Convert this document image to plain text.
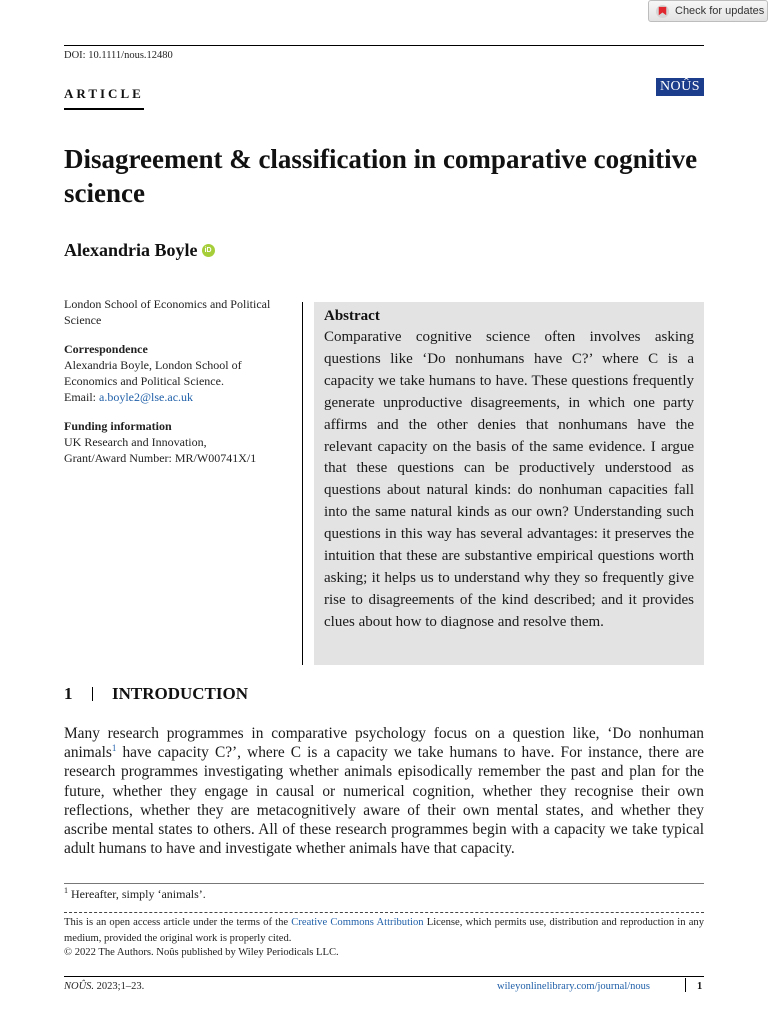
Check for updates
DOI: 10.1111/nous.12480
ARTICLE	NOÛS
Disagreement & classification in comparative cognitive science
Alexandria Boyle	iD
London School of Economics and Political Science
Correspondence
Alexandria Boyle, London School of Economics and Political Science.
Email: a.boyle2@lse.ac.uk
Funding information
UK Research and Innovation,
Grant/Award Number: MR/W00741X/1
Abstract

Comparative cognitive science often involves asking questions like ‘Do nonhumans have C?’ where C is a capacity we take humans to have. These questions frequently generate unproductive disagreements, in which one party affirms and the other denies that nonhumans have the relevant capacity on the basis of the same evidence. I argue that these questions can be productively understood as questions about natural kinds: do nonhuman capacities fall into the same natural kinds as our own? Understanding such questions in this way has several advantages: it preserves the intuition that these are substantive empirical questions worth asking; it helps us to understand why they so frequently give rise to disagreements of the kind described; and it provides clues about how to diagnose and resolve them.

1	INTRODUCTION

Many research programmes in comparative psychology focus on a question like, ‘Do nonhuman animals$^1$ have capacity C?’, where C is a capacity we take humans to have. For instance, there are research programmes investigating whether animals episodically remember the past and plan for the future, whether they engage in causal or numerical cognition, whether they recognise their own reflections, whether they are metacognitively aware of their own mental states, and whether they ascribe mental states to others. All of these research programmes begin with a capacity we take typical adult humans to have and investigate whether animals have that capacity.

$^1$ Hereafter, simply ‘animals’.

This is an open access article under the terms of the Creative Commons Attribution License, which permits use, distribution and reproduction in any medium, provided the original work is properly cited.

© 2022 The Authors. Noûs published by Wiley Periodicals LLC.
NOÛS. 2023;1–23.	wileyonlinelibrary.com/journal/nous	1
